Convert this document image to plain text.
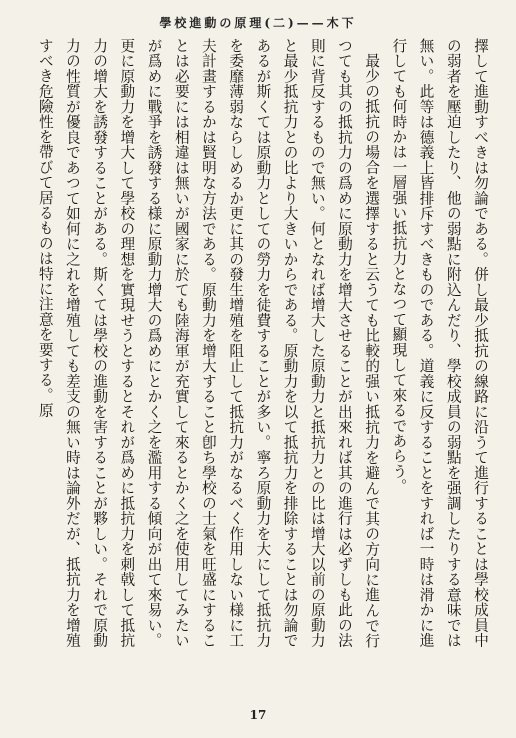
學校進動の原理(二)——木下

擇して進動すべきは勿論である。併し最少抵抗の線路に沿うて進行することは學校成員中の弱者を壓迫したり、他の弱點に附込んだり、學校成員の弱點を强調したりする意味では無い。此等は德義上皆排斥すべきものである。道義に反することをすれば一時は滑かに進行しても何時かは一層强い抵抗力となつて顯現して來るであらう。

最少の抵抗の場合を選擇すると云うても比較的强い抵抗力を避んで其の方向に進んで行つても其の抵抗力の爲めに原動力を增大させることが出來れば其の進行は必ずしも此の法則に背反するもので無い。何となれば增大した原動力と抵抗力との比は增大以前の原動力と最少抵抗力との比より大きいからである。原動力を以て抵抗力を排除することは勿論であるが斯くては原動力としての勞力を徒費することが多い。寧ろ原動力を大にして抵抗力を委靡薄弱ならしめるか更に其の發生增殖を阻止して抵抗力がなるべく作用しない様に工夫計畫するかは賢明な方法である。原動力を增大すること卽ち學校の士氣を旺盛にすることは必要には相違は無いが國家に於ても陸海軍が充實して來るとかく之を使用してみたいが爲めに戰爭を誘發する様に原動力增大の爲めにとかく之を濫用する傾向が出て來易い。更に原動力を增大して學校の理想を實現せうとするとそれが爲めに抵抗力を刺戟して抵抗力の增大を誘發することがある。斯くては學校の進動を害することが夥しい。それで原動力の性質が優良であつて如何に之れを增殖しても差支の無い時は論外だが、抵抗力を增殖すべき危險性を帶びて居るものは特に注意を要する。原

17
